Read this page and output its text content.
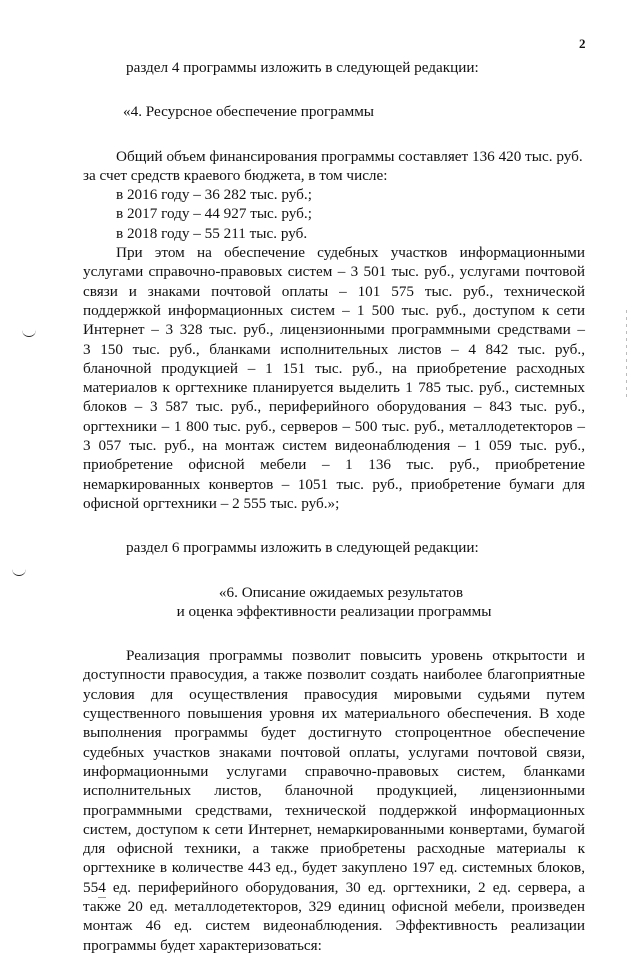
2

раздел 4 программы изложить в следующей редакции:

«4. Ресурсное обеспечение программы

Общий объем финансирования программы составляет 136 420 тыс. руб.
за счет средств краевого бюджета, в том числе:
в 2016 году – 36 282 тыс. руб.;
в 2017 году – 44 927 тыс. руб.;
в 2018 году – 55 211 тыс. руб.
При этом на обеспечение судебных участков информационными
услугами справочно-правовых систем – 3 501 тыс. руб., услугами почтовой
связи и знаками почтовой оплаты – 101 575 тыс. руб., технической
поддержкой информационных систем – 1 500 тыс. руб., доступом к сети
Интернет – 3 328 тыс. руб., лицензионными программными средствами –
3 150 тыс. руб., бланками исполнительных листов – 4 842 тыс. руб.,
бланочной продукцией – 1 151 тыс. руб., на приобретение расходных
материалов к оргтехнике планируется выделить 1 785 тыс. руб., системных
блоков – 3 587 тыс. руб., периферийного оборудования – 843 тыс. руб.,
оргтехники – 1 800 тыс. руб., серверов – 500 тыс. руб., металлодетекторов –
3 057 тыс. руб., на монтаж систем видеонаблюдения – 1 059 тыс. руб.,
приобретение офисной мебели – 1 136 тыс. руб., приобретение
немаркированных конвертов – 1051 тыс. руб., приобретение бумаги для
офисной оргтехники – 2 555 тыс. руб.»;

раздел 6 программы изложить в следующей редакции:

«6. Описание ожидаемых результатов
и оценка эффективности реализации программы
Реализация программы позволит повысить уровень открытости и
доступности правосудия, а также позволит создать наиболее благоприятные
условия для осуществления правосудия мировыми судьями путем
существенного повышения уровня их материального обеспечения. В ходе
выполнения программы будет достигнуто стопроцентное обеспечение
судебных участков знаками почтовой оплаты, услугами почтовой связи,
информационными услугами справочно-правовых систем, бланками
исполнительных листов, бланочной продукцией, лицензионными
программными средствами, технической поддержкой информационных
систем, доступом к сети Интернет, немаркированными конвертами, бумагой
для офисной техники, а также приобретены расходные материалы к
оргтехнике в количестве 443 ед., будет закуплено 197 ед. системных блоков,
554 ед. периферийного оборудования, 30 ед. оргтехники, 2 ед. сервера, а
также 20 ед. металлодетекторов, 329 единиц офисной мебели, произведен
монтаж 46 ед. систем видеонаблюдения. Эффективность реализации
программы будет характеризоваться:
